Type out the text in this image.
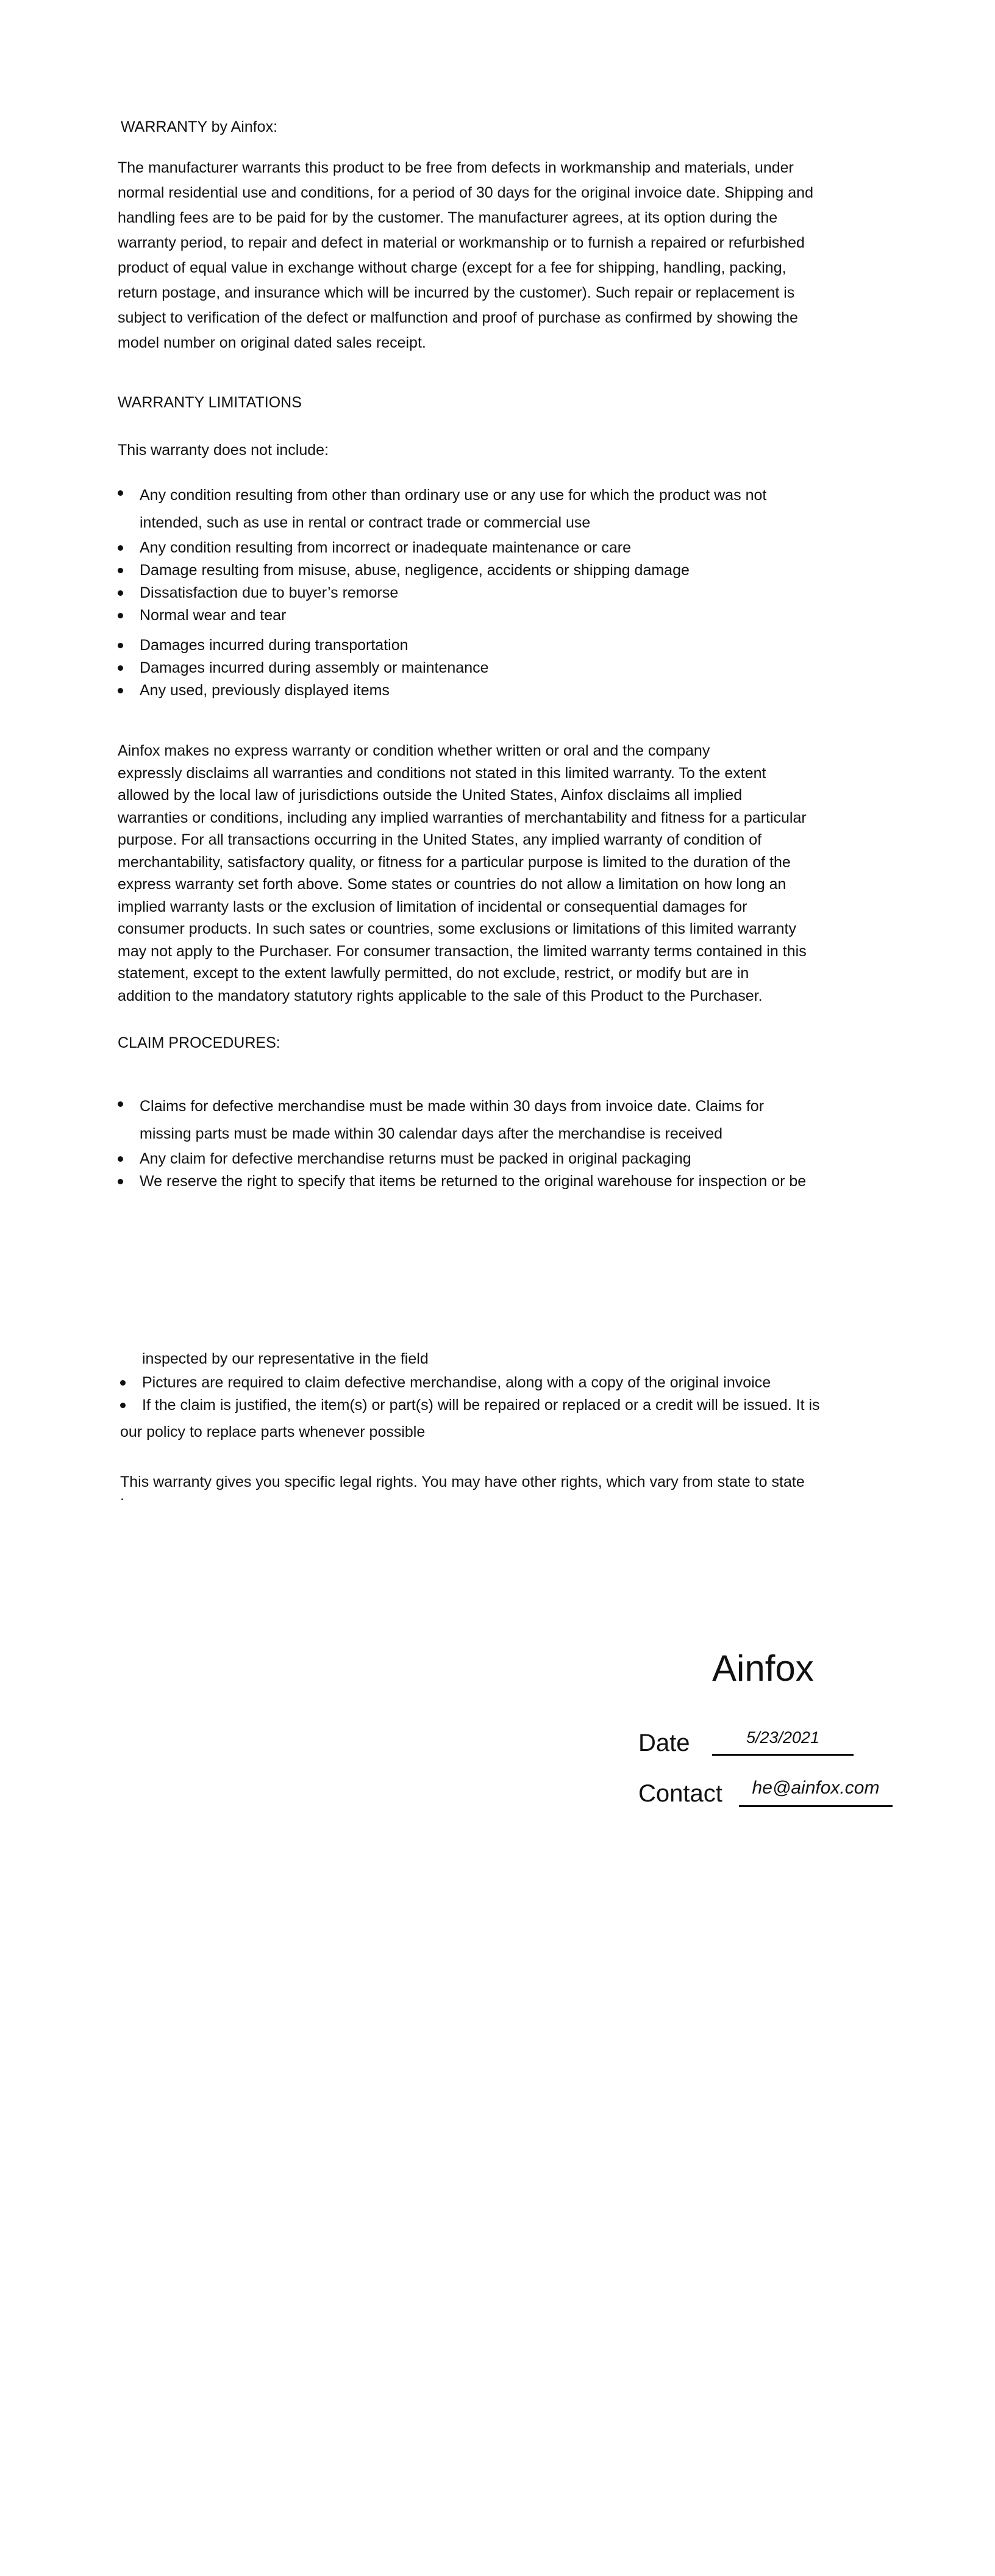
WARRANTY by Ainfox:

The manufacturer warrants this product to be free from defects in workmanship and materials, under
normal residential use and conditions, for a period of 30 days for the original invoice date. Shipping and
handling fees are to be paid for by the customer. The manufacturer agrees, at its option during the
warranty period, to repair and defect in material or workmanship or to furnish a repaired or refurbished
product of equal value in exchange without charge (except for a fee for shipping, handling, packing,
return postage, and insurance which will be incurred by the customer). Such repair or replacement is
subject to verification of the defect or malfunction and proof of purchase as confirmed by showing the
model number on original dated sales receipt.

WARRANTY LIMITATIONS

This warranty does not include:

Any condition resulting from other than ordinary use or any use for which the product was not
intended, such as use in rental or contract trade or commercial use
Any condition resulting from incorrect or inadequate maintenance or care
Damage resulting from misuse, abuse, negligence, accidents or shipping damage
Dissatisfaction due to buyer’s remorse
Normal wear and tear
Damages incurred during transportation
Damages incurred during assembly or maintenance
Any used, previously displayed items
Ainfox makes no express warranty or condition whether written or oral and the company
expressly disclaims all warranties and conditions not stated in this limited warranty. To the extent
allowed by the local law of jurisdictions outside the United States, Ainfox disclaims all implied
warranties or conditions, including any implied warranties of merchantability and fitness for a particular
purpose. For all transactions occurring in the United States, any implied warranty of condition of
merchantability, satisfactory quality, or fitness for a particular purpose is limited to the duration of the
express warranty set forth above. Some states or countries do not allow a limitation on how long an
implied warranty lasts or the exclusion of limitation of incidental or consequential damages for
consumer products. In such sates or countries, some exclusions or limitations of this limited warranty
may not apply to the Purchaser. For consumer transaction, the limited warranty terms contained in this
statement, except to the extent lawfully permitted, do not exclude, restrict, or modify but are in
addition to the mandatory statutory rights applicable to the sale of this Product to the Purchaser.

CLAIM PROCEDURES:

Claims for defective merchandise must be made within 30 days from invoice date. Claims for
missing parts must be made within 30 calendar days after the merchandise is received
Any claim for defective merchandise returns must be packed in original packaging
We reserve the right to specify that items be returned to the original warehouse for inspection or be

inspected by our representative in the field

Pictures are required to claim defective merchandise, along with a copy of the original invoice
If the claim is justified, the item(s) or part(s) will be repaired or replaced or a credit will be issued. It is

our policy to replace parts whenever possible

This warranty gives you specific legal rights. You may have other rights, which vary from state to state

.

Ainfox
Date	5/23/2021
Contact	he@ainfox.com
